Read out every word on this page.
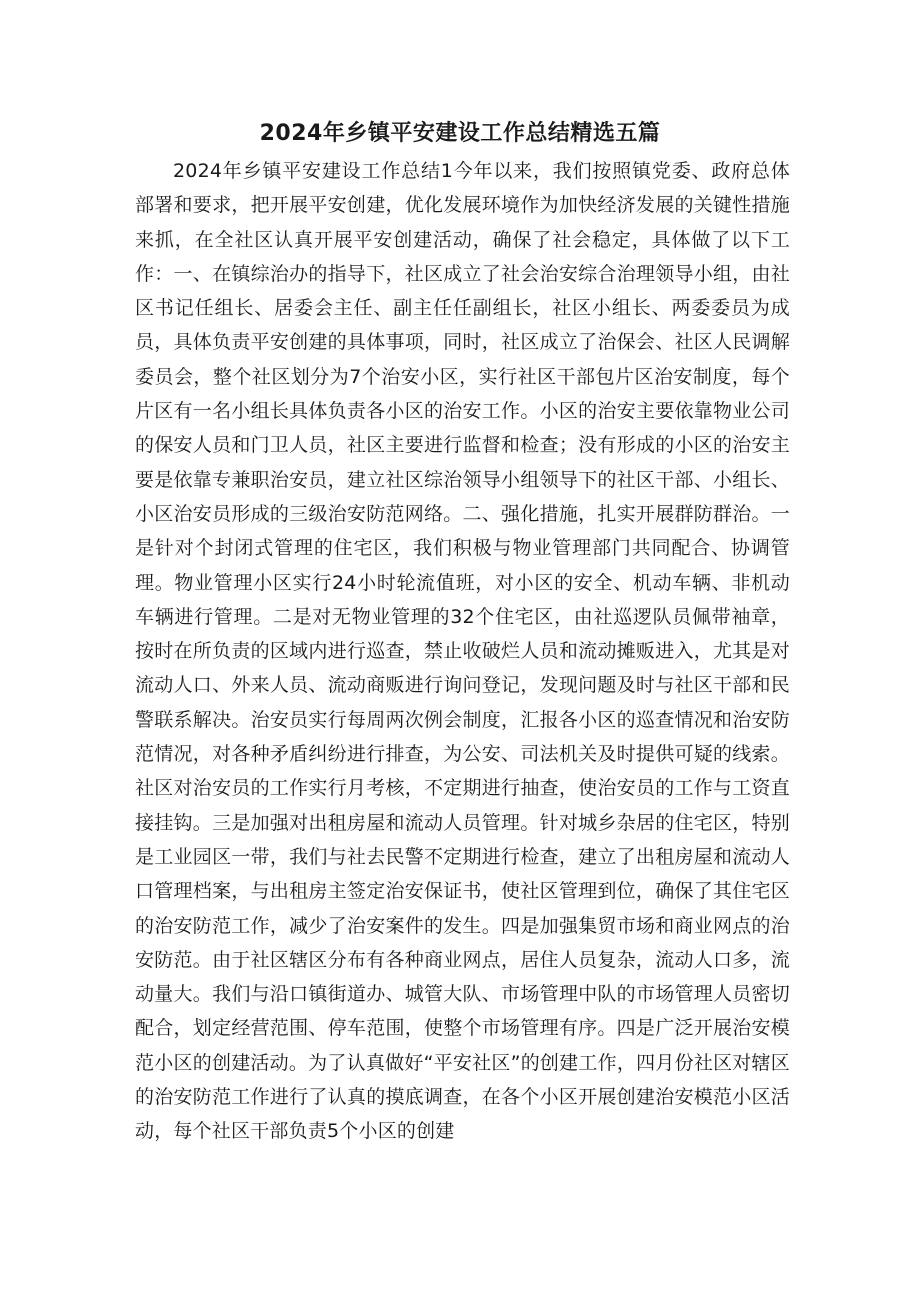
2024年乡镇平安建设工作总结精选五篇

2024年乡镇平安建设工作总结1今年以来，我们按照镇党委、政府总体部署和要求，把开展平安创建，优化发展环境作为加快经济发展的关键性措施来抓，在全社区认真开展平安创建活动，确保了社会稳定，具体做了以下工作：一、在镇综治办的指导下，社区成立了社会治安综合治理领导小组，由社区书记任组长、居委会主任、副主任任副组长，社区小组长、两委委员为成员，具体负责平安创建的具体事项，同时，社区成立了治保会、社区人民调解委员会，整个社区划分为7个治安小区，实行社区干部包片区治安制度，每个片区有一名小组长具体负责各小区的治安工作。小区的治安主要依靠物业公司的保安人员和门卫人员，社区主要进行监督和检查；没有形成的小区的治安主要是依靠专兼职治安员，建立社区综治领导小组领导下的社区干部、小组长、小区治安员形成的三级治安防范网络。二、强化措施，扎实开展群防群治。一是针对个封闭式管理的住宅区，我们积极与物业管理部门共同配合、协调管理。物业管理小区实行24小时轮流值班，对小区的安全、机动车辆、非机动车辆进行管理。二是对无物业管理的32个住宅区，由社巡逻队员佩带袖章，按时在所负责的区域内进行巡查，禁止收破烂人员和流动摊贩进入，尤其是对流动人口、外来人员、流动商贩进行询问登记，发现问题及时与社区干部和民警联系解决。治安员实行每周两次例会制度，汇报各小区的巡查情况和治安防范情况，对各种矛盾纠纷进行排查，为公安、司法机关及时提供可疑的线索。社区对治安员的工作实行月考核，不定期进行抽查，使治安员的工作与工资直接挂钩。三是加强对出租房屋和流动人员管理。针对城乡杂居的住宅区，特别是工业园区一带，我们与社去民警不定期进行检查，建立了出租房屋和流动人口管理档案，与出租房主签定治安保证书，使社区管理到位，确保了其住宅区的治安防范工作，减少了治安案件的发生。四是加强集贸市场和商业网点的治安防范。由于社区辖区分布有各种商业网点，居住人员复杂，流动人口多，流动量大。我们与沿口镇街道办、城管大队、市场管理中队的市场管理人员密切配合，划定经营范围、停车范围，使整个市场管理有序。四是广泛开展治安模范小区的创建活动。为了认真做好“平安社区”的创建工作，四月份社区对辖区的治安防范工作进行了认真的摸底调查，在各个小区开展创建治安模范小区活动，每个社区干部负责5个小区的创建
